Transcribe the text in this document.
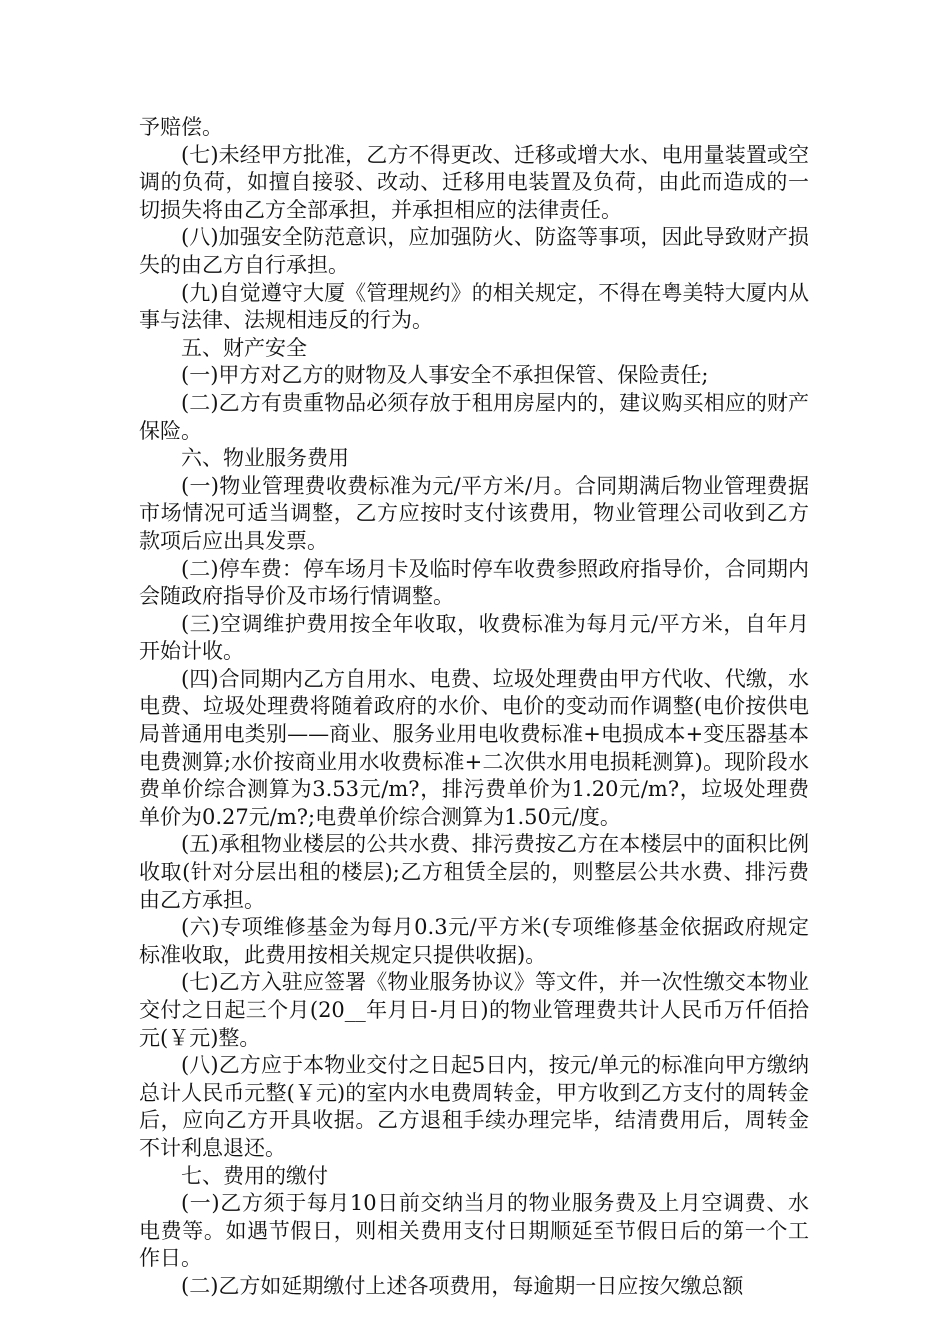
予赔偿。

(七)未经甲方批准，乙方不得更改、迁移或增大水、电用量装置或空调的负荷，如擅自接驳、改动、迁移用电装置及负荷，由此而造成的一切损失将由乙方全部承担，并承担相应的法律责任。

(八)加强安全防范意识，应加强防火、防盗等事项，因此导致财产损失的由乙方自行承担。

(九)自觉遵守大厦《管理规约》的相关规定，不得在粤美特大厦内从事与法律、法规相违反的行为。

五、财产安全

(一)甲方对乙方的财物及人事安全不承担保管、保险责任;

(二)乙方有贵重物品必须存放于租用房屋内的，建议购买相应的财产保险。

六、物业服务费用

(一)物业管理费收费标准为元/平方米/月。合同期满后物业管理费据市场情况可适当调整，乙方应按时支付该费用，物业管理公司收到乙方款项后应出具发票。

(二)停车费：停车场月卡及临时停车收费参照政府指导价，合同期内会随政府指导价及市场行情调整。

(三)空调维护费用按全年收取，收费标准为每月元/平方米，自年月开始计收。

(四)合同期内乙方自用水、电费、垃圾处理费由甲方代收、代缴，水电费、垃圾处理费将随着政府的水价、电价的变动而作调整(电价按供电局普通用电类别——商业、服务业用电收费标准+电损成本+变压器基本电费测算;水价按商业用水收费标准+二次供水用电损耗测算)。现阶段水费单价综合测算为3.53元/m?，排污费单价为1.20元/m?，垃圾处理费单价为0.27元/m?;电费单价综合测算为1.50元/度。

(五)承租物业楼层的公共水费、排污费按乙方在本楼层中的面积比例收取(针对分层出租的楼层);乙方租赁全层的，则整层公共水费、排污费由乙方承担。

(六)专项维修基金为每月0.3元/平方米(专项维修基金依据政府规定标准收取，此费用按相关规定只提供收据)。

(七)乙方入驻应签署《物业服务协议》等文件，并一次性缴交本物业交付之日起三个月(20__年月日-月日)的物业管理费共计人民币万仟佰拾元(￥元)整。

(八)乙方应于本物业交付之日起5日内，按元/单元的标准向甲方缴纳总计人民币元整(￥元)的室内水电费周转金，甲方收到乙方支付的周转金后，应向乙方开具收据。乙方退租手续办理完毕，结清费用后，周转金不计利息退还。

七、费用的缴付

(一)乙方须于每月10日前交纳当月的物业服务费及上月空调费、水电费等。如遇节假日，则相关费用支付日期顺延至节假日后的第一个工作日。

(二)乙方如延期缴付上述各项费用，每逾期一日应按欠缴总额
